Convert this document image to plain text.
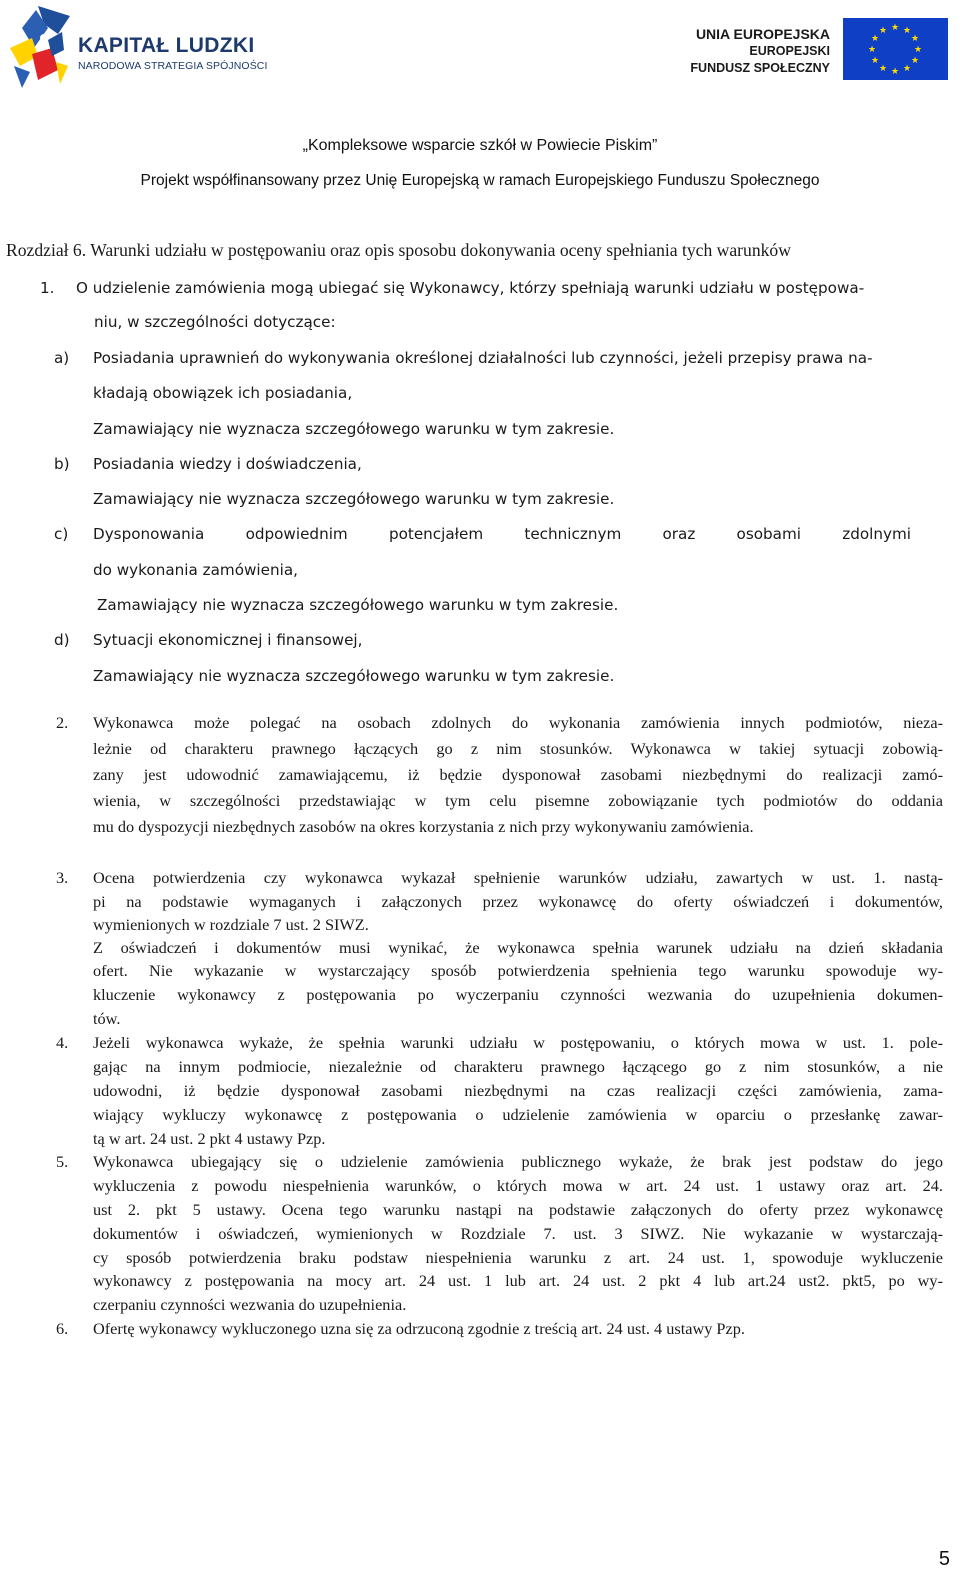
KAPITAŁ LUDZKI
NARODOWA STRATEGIA SPÓJNOŚCI
UNIA EUROPEJSKA
EUROPEJSKI
FUNDUSZ SPOŁECZNY
★ ★
★
★
★
★
★
★
★
★
★
★
„Kompleksowe wsparcie szkół w Powiecie Piskim”
Projekt współfinansowany przez Unię Europejską w ramach Europejskiego Funduszu Społecznego
Rozdział 6. Warunki udziału w postępowaniu oraz opis sposobu dokonywania oceny spełniania tych warunków
1. O udzielenie zamówienia mogą ubiegać się Wykonawcy, którzy spełniają warunki udziału w postępowa-
niu, w szczególności dotyczące:
a) Posiadania uprawnień do wykonywania określonej działalności lub czynności, jeżeli przepisy prawa na-
kładają obowiązek ich posiadania,
Zamawiający nie wyznacza szczegółowego warunku w tym zakresie.
b) Posiadania wiedzy i doświadczenia,
Zamawiający nie wyznacza szczegółowego warunku w tym zakresie.
c) Dysponowania odpowiednim potencjałem technicznym oraz osobami zdolnymi
do wykonania zamówienia,
Zamawiający nie wyznacza szczegółowego warunku w tym zakresie.
d) Sytuacji ekonomicznej i finansowej,
Zamawiający nie wyznacza szczegółowego warunku w tym zakresie.
2. Wykonawca może polegać na osobach zdolnych do wykonania zamówienia innych podmiotów, nieza-
leżnie od charakteru prawnego łączących go z nim stosunków. Wykonawca w takiej sytuacji zobowią-
zany jest udowodnić zamawiającemu, iż będzie dysponował zasobami niezbędnymi do realizacji zamó-
wienia, w szczególności przedstawiając w tym celu pisemne zobowiązanie tych podmiotów do oddania
mu do dyspozycji niezbędnych zasobów na okres korzystania z nich przy wykonywaniu zamówienia.
3. Ocena potwierdzenia czy wykonawca wykazał spełnienie warunków udziału, zawartych w ust. 1. nastą-
pi na podstawie wymaganych i załączonych przez wykonawcę do oferty oświadczeń i dokumentów,
wymienionych w rozdziale 7 ust. 2 SIWZ.
Z oświadczeń i dokumentów musi wynikać, że wykonawca spełnia warunek udziału na dzień składania
ofert. Nie wykazanie w wystarczający sposób potwierdzenia spełnienia tego warunku spowoduje wy-
kluczenie wykonawcy z postępowania po wyczerpaniu czynności wezwania do uzupełnienia dokumen-
tów.
4. Jeżeli wykonawca wykaże, że spełnia warunki udziału w postępowaniu, o których mowa w ust. 1. pole-
gając na innym podmiocie, niezależnie od charakteru prawnego łączącego go z nim stosunków, a nie
udowodni, iż będzie dysponował zasobami niezbędnymi na czas realizacji części zamówienia, zama-
wiający wykluczy wykonawcę z postępowania o udzielenie zamówienia w oparciu o przesłankę zawar-
tą w art. 24 ust. 2 pkt 4 ustawy Pzp.
5. Wykonawca ubiegający się o udzielenie zamówienia publicznego wykaże, że brak jest podstaw do jego
wykluczenia z powodu niespełnienia warunków, o których mowa w art. 24 ust. 1 ustawy oraz art. 24.
ust 2. pkt 5 ustawy. Ocena tego warunku nastąpi na podstawie załączonych do oferty przez wykonawcę
dokumentów i oświadczeń, wymienionych w Rozdziale 7. ust. 3 SIWZ. Nie wykazanie w wystarczają-
cy sposób potwierdzenia braku podstaw niespełnienia warunku z art. 24 ust. 1, spowoduje wykluczenie
wykonawcy z postępowania na mocy art. 24 ust. 1 lub art. 24 ust. 2 pkt 4 lub art.24 ust2. pkt5, po wy-
czerpaniu czynności wezwania do uzupełnienia.
6. Ofertę wykonawcy wykluczonego uzna się za odrzuconą zgodnie z treścią art. 24 ust. 4 ustawy Pzp.
5
